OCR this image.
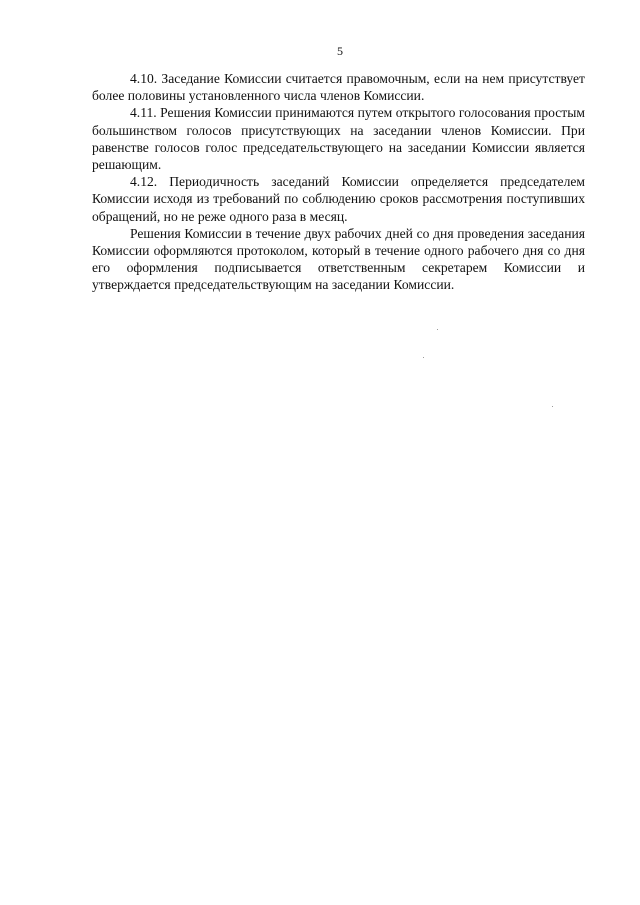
5

4.10. Заседание Комиссии считается правомочным, если на нем присутствует более половины установленного числа членов Комиссии.

4.11. Решения Комиссии принимаются путем открытого голосования простым большинством голосов присутствующих на заседании членов Комиссии. При равенстве голосов голос председательствующего на заседании Комиссии является решающим.

4.12. Периодичность заседаний Комиссии определяется председателем Комиссии исходя из требований по соблюдению сроков рассмотрения поступивших обращений, но не реже одного раза в месяц.

Решения Комиссии в течение двух рабочих дней со дня проведения заседания Комиссии оформляются протоколом, который в течение одного рабочего дня со дня его оформления подписывается ответственным секретарем Комиссии и утверждается председательствующим на заседании Комиссии.
